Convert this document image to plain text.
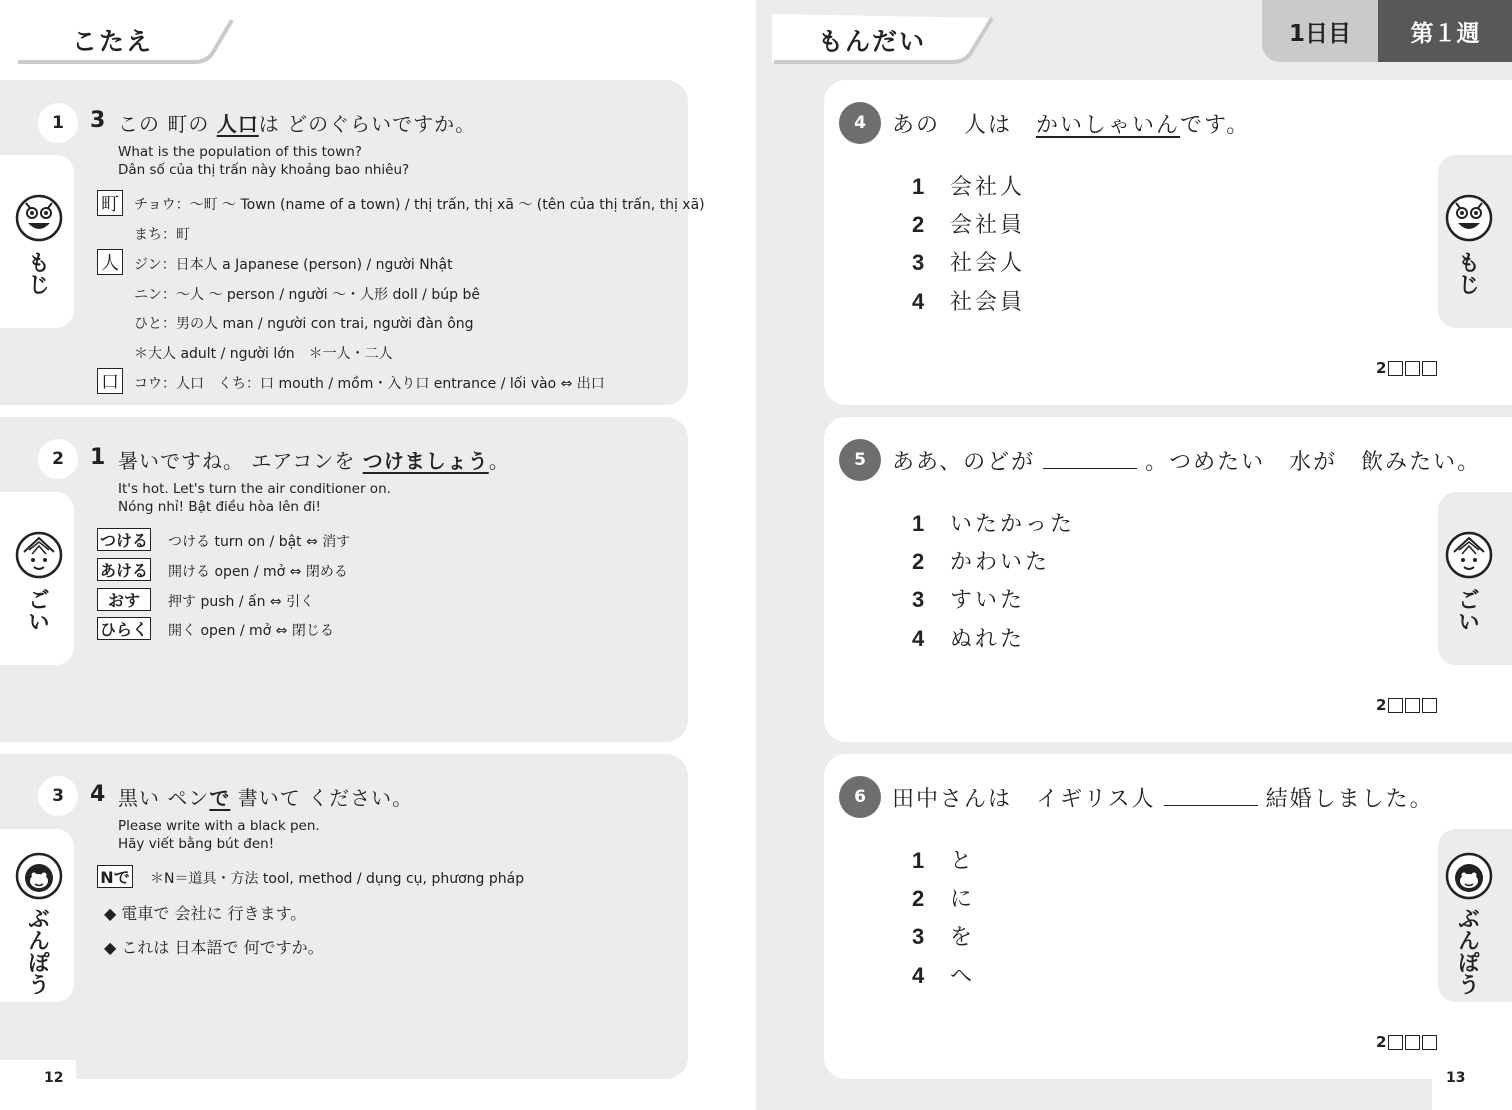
こたえ
1
もじ
3 この 町の 人口は どのぐらいですか。
What is the population of this town?
Dân số của thị trấn này khoảng bao nhiêu?
町 チョウ：～町 ～ Town (name of a town) / thị trấn, thị xã ～ (tên của thị trấn, thị xã)
まち：町
人 ジン：日本人 a Japanese (person) / người Nhật
ニン：～人 ～ person / người ～・人形 doll / búp bê
ひと：男の人 man / người con trai, người đàn ông
＊大人 adult / người lớn　＊一人・二人
口 コウ：人口　くち：口 mouth / mồm・入り口 entrance / lối vào ⇔ 出口
2
ごい
1 暑いですね。 エアコンを つけましょう。
It's hot. Let's turn the air conditioner on.
Nóng nhỉ! Bật điều hòa lên đi!
つける つける turn on / bật ⇔ 消す
あける 開ける open / mở ⇔ 閉める
おす	押す push / ấn ⇔ 引く
ひらく 開く open / mở ⇔ 閉じる
3
ぶんぽう
4 黒い ペンで 書いて ください。
Please write with a black pen.
Hãy viết bằng bút đen!
Nで ＊N＝道具・方法 tool, method / dụng cụ, phương pháp
◆ 電車で 会社に 行きます。
◆ これは 日本語で 何ですか。
12
もんだい	1日目	第１週
4	あの　人は　かいしゃいんです。
1 会社人
2 会社員
3 社会人
4 社会員
2
もじ
5	ああ、のどが	。つめたい　水が　飲みたい。
1 いたかった
2 かわいた
3 すいた
4 ぬれた
2
ごい
6	田中さんは　イギリス人	結婚しました。
1 と
2 に
3 を
4 へ
2
ぶんぽう
13
